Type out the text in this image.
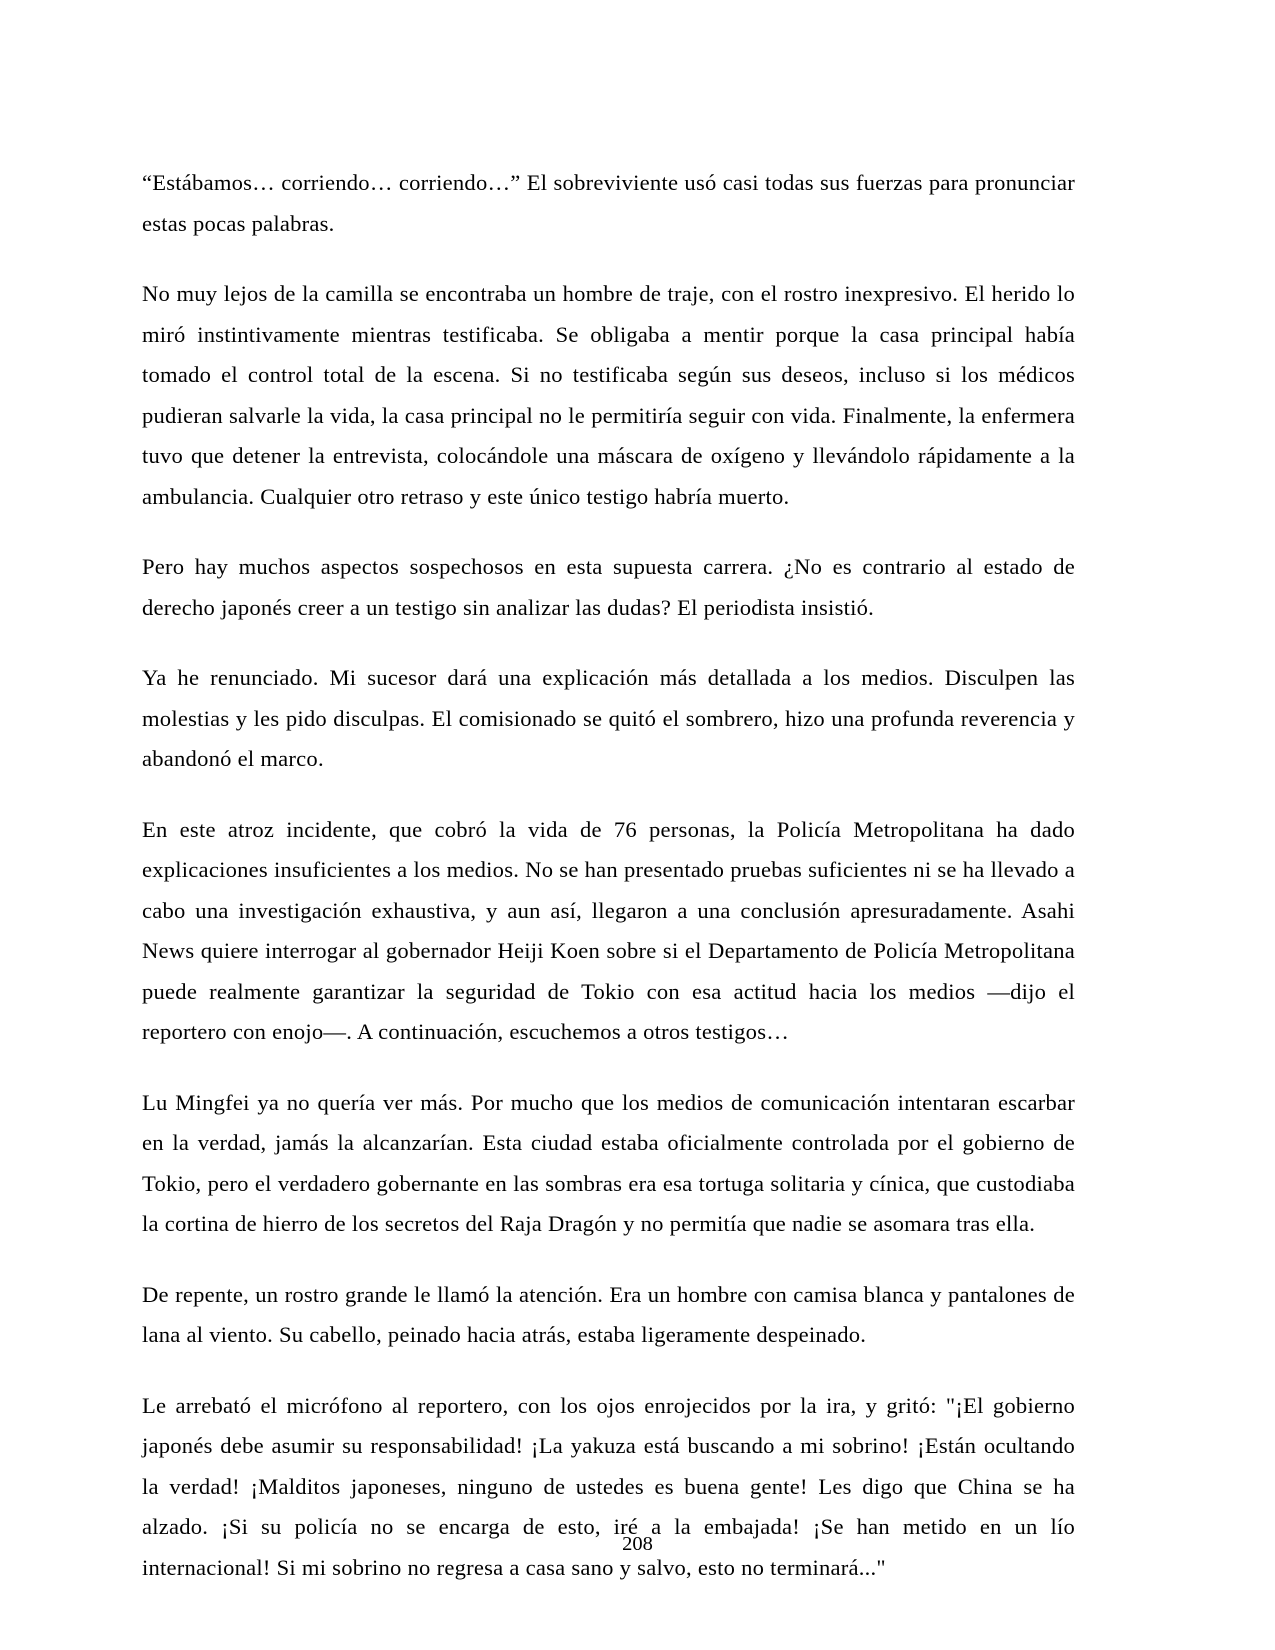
“Estábamos… corriendo… corriendo…” El sobreviviente usó casi todas sus fuerzas para pronunciar estas pocas palabras.

No muy lejos de la camilla se encontraba un hombre de traje, con el rostro inexpresivo. El herido lo miró instintivamente mientras testificaba. Se obligaba a mentir porque la casa principal había tomado el control total de la escena. Si no testificaba según sus deseos, incluso si los médicos pudieran salvarle la vida, la casa principal no le permitiría seguir con vida. Finalmente, la enfermera tuvo que detener la entrevista, colocándole una máscara de oxígeno y llevándolo rápidamente a la ambulancia. Cualquier otro retraso y este único testigo habría muerto.

Pero hay muchos aspectos sospechosos en esta supuesta carrera. ¿No es contrario al estado de derecho japonés creer a un testigo sin analizar las dudas? El periodista insistió.

Ya he renunciado. Mi sucesor dará una explicación más detallada a los medios. Disculpen las molestias y les pido disculpas. El comisionado se quitó el sombrero, hizo una profunda reverencia y abandonó el marco.

En este atroz incidente, que cobró la vida de 76 personas, la Policía Metropolitana ha dado explicaciones insuficientes a los medios. No se han presentado pruebas suficientes ni se ha llevado a cabo una investigación exhaustiva, y aun así, llegaron a una conclusión apresuradamente. Asahi News quiere interrogar al gobernador Heiji Koen sobre si el Departamento de Policía Metropolitana puede realmente garantizar la seguridad de Tokio con esa actitud hacia los medios —dijo el reportero con enojo—. A continuación, escuchemos a otros testigos…

Lu Mingfei ya no quería ver más. Por mucho que los medios de comunicación intentaran escarbar en la verdad, jamás la alcanzarían. Esta ciudad estaba oficialmente controlada por el gobierno de Tokio, pero el verdadero gobernante en las sombras era esa tortuga solitaria y cínica, que custodiaba la cortina de hierro de los secretos del Raja Dragón y no permitía que nadie se asomara tras ella.

De repente, un rostro grande le llamó la atención. Era un hombre con camisa blanca y pantalones de lana al viento. Su cabello, peinado hacia atrás, estaba ligeramente despeinado.

Le arrebató el micrófono al reportero, con los ojos enrojecidos por la ira, y gritó: "¡El gobierno japonés debe asumir su responsabilidad! ¡La yakuza está buscando a mi sobrino! ¡Están ocultando la verdad! ¡Malditos japoneses, ninguno de ustedes es buena gente! Les digo que China se ha alzado. ¡Si su policía no se encarga de esto, iré a la embajada! ¡Se han metido en un lío internacional! Si mi sobrino no regresa a casa sano y salvo, esto no terminará..."

208
